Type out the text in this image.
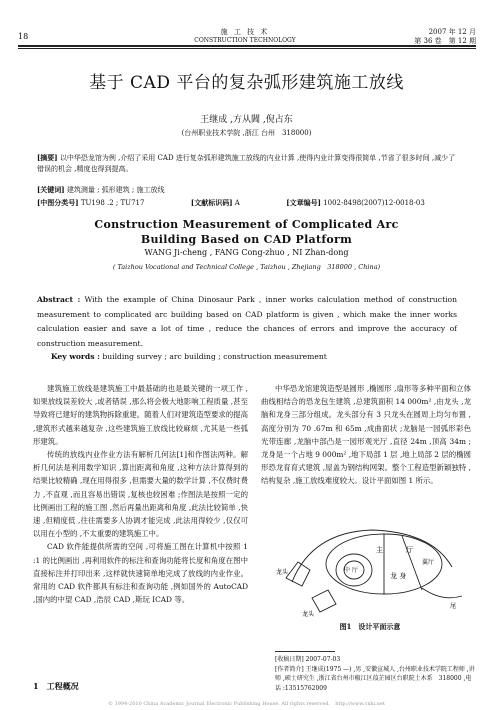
18	施 工 技 术
CONSTRUCTION TECHNOLOGY
2007 年 12 月
第 36 卷　第 12 期
基于 CAD 平台的复杂弧形建筑施工放线
王继成 ,方从閪 ,倪占东
(台州职业技术学院 ,浙江 台州　318000)
[摘要] 以中华恐龙馆为例 ,介绍了采用 CAD 进行复杂弧形建筑施工放线的内业计算 ,使得内业计算变得很简单 ,节省了很多时间 ,减少了错误的机会 ,精度也得到提高。
[关键词] 建筑测量 ; 弧形建筑 ; 施工放线
[中图分类号] TU198 .2 ; TU717	[文献标识码] A	[文章编号] 1002-8498(2007)12-0018-03
Construction Measurement of Complicated Arc
Building Based on CAD Platform
WANG Ji-cheng , FANG Cong-zhuo , NI Zhan-dong
( Taizhou Vocational and Technical College , Taizhou , Zhejiang　318000 , China)
Abstract : With the example of China Dinosaur Park , inner works calculation method of construction measurement to complicated arc building based on CAD platform is given , which make the inner works calculation easier and save a lot of time , reduce the chances of errors and improve the accuracy of construction measurement.
Key words : building survey ; arc building ; construction measurement

建筑施工放线是建筑施工中最基础的也是最关键的一项工作 ,如果放线误差较大 ,或者错误 ,那么将会极大地影响工程质量 ,甚至导致将已建好的建筑物拆除重建。随着人们对建筑造型要求的提高 ,建筑形式越来越复杂 ,这些建筑施工放线比较麻烦 ,尤其是一些弧形建筑。

传统的放线内业作业方法有解析几何法[1]和作图法两种。解析几何法是利用数学知识 ,算出距离和角度 ,这种方法计算得到的结果比较精确 ,现在用得很多 ,但需要大量的数学计算 ,不仅费时费力 ,不直观 ,而且容易出错误 ,复核也较困难 ;作图法是按照一定的比例画出工程的施工图 ,然后再量出距离和角度 ,此法比较简单 ,快速 ,但精度低 ,往往需要多人协调才能完成 ,此法用得较少 ,仅仅可以用在小型的 ,不太重要的建筑施工中。

CAD 软件能提供所需的空间 ,可将施工图在计算机中按照 1 :1 的比例画出 ,再利用软件的标注和查询功能将长度和角度在图中直接标注并打印出来 ,这样就快速简单地完成了放线的内业作业。常用的 CAD 软件都具有标注和查询功能 ,例如国外的 AutoCAD ,国内的中望 CAD ,浩辰 CAD ,斯玩 ICAD 等。

1　工程概况

中华恐龙馆建筑造型是圆形 ,椭圆形 ,扇形等多种平面和立体曲线相结合的恐龙包生建筑 ,总建筑面积 14 000m² ,由龙头 ,龙脑和龙身三部分组成。龙头部分有 3 只龙头在圆周上均匀布置 ,高度分别为 70 .67m 和 65m ,成曲面状 ;龙脑是一园弧形彩色光带连廊 ,龙脑中部凸是一园形观光厅 ,直径 24m ,顶高 34m ;龙身是一个占地 9 000m² ,地下局部 1 层 ,地上局部 2 层的椭圆形恐龙育育式建筑 ,屋盖为钢结构网架。整个工程造型新颖独特 ,结构复杂 ,施工放线难度较大。设计平面如图 1 所示。

主	厅
龙头
龙头
中 厅
龙 身
翼厅
尾
图1　设计平面示意
[收稿日期] 2007-07-03
[作者简介] 王继成(1975 —) ,男 ,安徽宣城人 ,台州职业技术学院工程师 ,讲师 ,硕士研究生 ,浙江省台州市椒江区葭芷园区台职院土木系　318000 ,电话 :13515762009
© 1994-2010 China Academic Journal Electronic Publishing House. All rights reserved.　http://www.cnki.net
